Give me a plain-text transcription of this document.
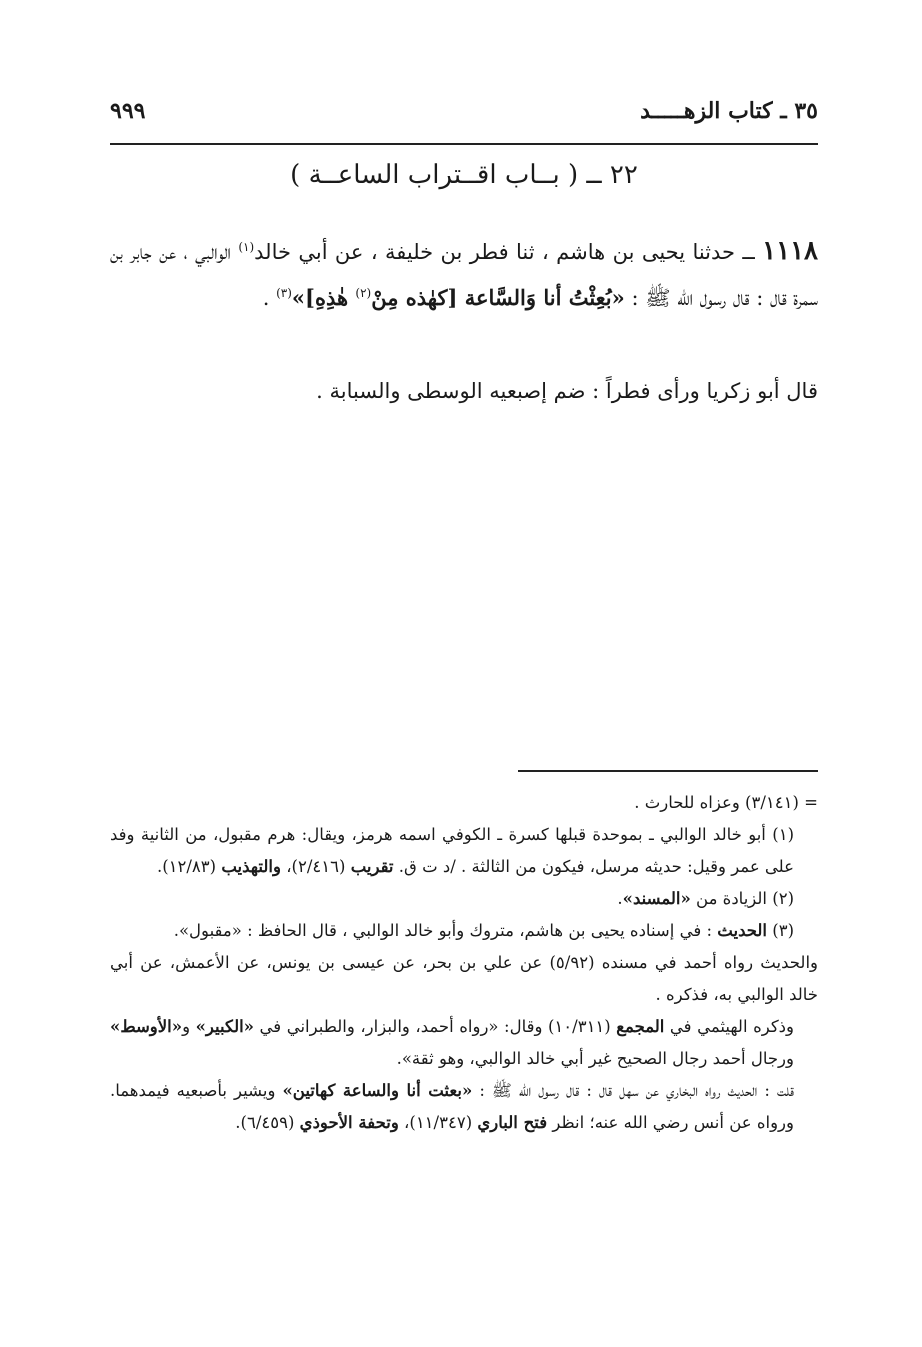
٣٥ ـ كتاب الزهـــــد
٩٩٩
٢٢ ــ ( بــاب اقــتراب الساعــة )
١١١٨ ــ حدثنا يحيى بن هاشم ، ثنا فطر بن خليفة ، عن أبي خالد$^{(١)}$ الوالبي ، عن جابر بن سمرة قال : قال رسول الله ﷺ : «بُعِثْتُ أنا وَالسَّاعة [كهٰذه مِنْ$^{(٢)}$ هٰذِهِ]»$^{(٣)}$ .
قال أبو زكريا ورأى فطراً : ضم إصبعيه الوسطى والسبابة .

= (٣/١٤١) وعزاه للحارث .

(١) أبو خالد الوالبي ـ بموحدة قبلها كسرة ـ الكوفي اسمه هرمز، ويقال: هرم مقبول، من الثانية وفد على عمر وقيل: حديثه مرسل، فيكون من الثالثة . /د ت ق. تقريب (٢/٤١٦)، والتهذيب (١٢/٨٣).

(٢) الزيادة من «المسند».

(٣) الحديث : في إسناده يحيى بن هاشم، متروك وأبو خالد الوالبي ، قال الحافظ : «مقبول».

والحديث رواه أحمد في مسنده (٥/٩٢) عن علي بن بحر، عن عيسى بن يونس، عن الأعمش، عن أبي خالد الوالبي به، فذكره .

وذكره الهيثمي في المجمع (١٠/٣١١) وقال: «رواه أحمد، والبزار، والطبراني في «الكبير» و«الأوسط» ورجال أحمد رجال الصحيح غير أبي خالد الوالبي، وهو ثقة».

قلت : الحديث رواه البخاري عن سهل قال : قال رسول الله ﷺ : «بعثت أنا والساعة كهاتين» ويشير بأصبعيه فيمدهما. ورواه عن أنس رضي الله عنه؛ انظر فتح الباري (١١/٣٤٧)، وتحفة الأحوذي (٦/٤٥٩).
